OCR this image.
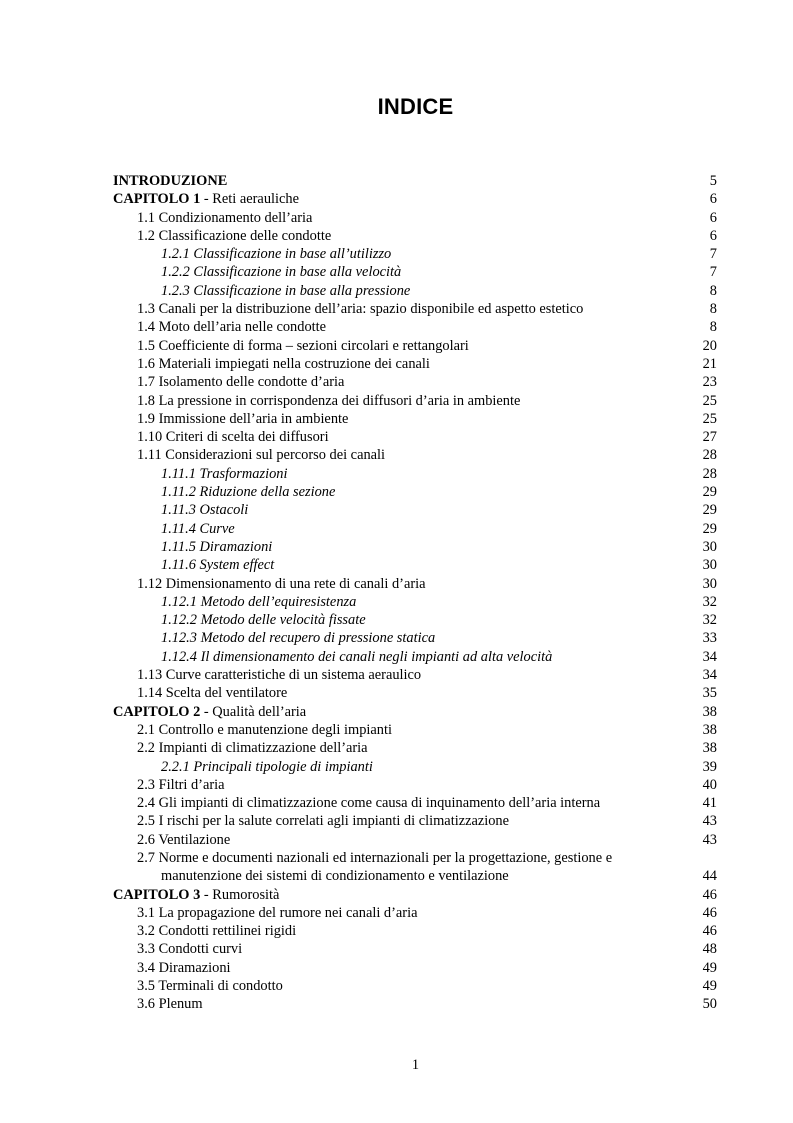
INDICE
INTRODUZIONE	5
CAPITOLO 1 - Reti aerauliche	6
1.1 Condizionamento dell’aria	6
1.2 Classificazione delle condotte	6
1.2.1 Classificazione in base all’utilizzo	7
1.2.2 Classificazione in base alla velocità	7
1.2.3 Classificazione in base alla pressione	8
1.3 Canali per la distribuzione dell’aria: spazio disponibile ed aspetto estetico	8
1.4 Moto dell’aria nelle condotte	8
1.5 Coefficiente di forma – sezioni circolari e rettangolari	20
1.6 Materiali impiegati nella costruzione dei canali	21
1.7 Isolamento delle condotte d’aria	23
1.8 La pressione in corrispondenza dei diffusori d’aria in ambiente	25
1.9 Immissione dell’aria in ambiente	25
1.10 Criteri di scelta dei diffusori	27
1.11 Considerazioni sul percorso dei canali	28
1.11.1 Trasformazioni	28
1.11.2 Riduzione della sezione	29
1.11.3 Ostacoli	29
1.11.4 Curve	29
1.11.5 Diramazioni	30
1.11.6 System effect	30
1.12 Dimensionamento di una rete di canali d’aria	30
1.12.1 Metodo dell’equiresistenza	32
1.12.2 Metodo delle velocità fissate	32
1.12.3 Metodo del recupero di pressione statica	33
1.12.4 Il dimensionamento dei canali negli impianti ad alta velocità	34
1.13 Curve caratteristiche di un sistema aeraulico	34
1.14 Scelta del ventilatore	35
CAPITOLO 2 - Qualità dell’aria	38
2.1 Controllo e manutenzione degli impianti	38
2.2 Impianti di climatizzazione dell’aria	38
2.2.1 Principali tipologie di impianti	39
2.3 Filtri d’aria	40
2.4 Gli impianti di climatizzazione come causa di inquinamento dell’aria interna	41
2.5 I rischi per la salute correlati agli impianti di climatizzazione	43
2.6 Ventilazione	43
2.7 Norme e documenti nazionali ed internazionali per la progettazione, gestione e
manutenzione dei sistemi di condizionamento e ventilazione	44
CAPITOLO 3 - Rumorosità	46
3.1 La propagazione del rumore nei canali d’aria	46
3.2 Condotti rettilinei rigidi	46
3.3 Condotti curvi	48
3.4 Diramazioni	49
3.5 Terminali di condotto	49
3.6 Plenum	50
1
